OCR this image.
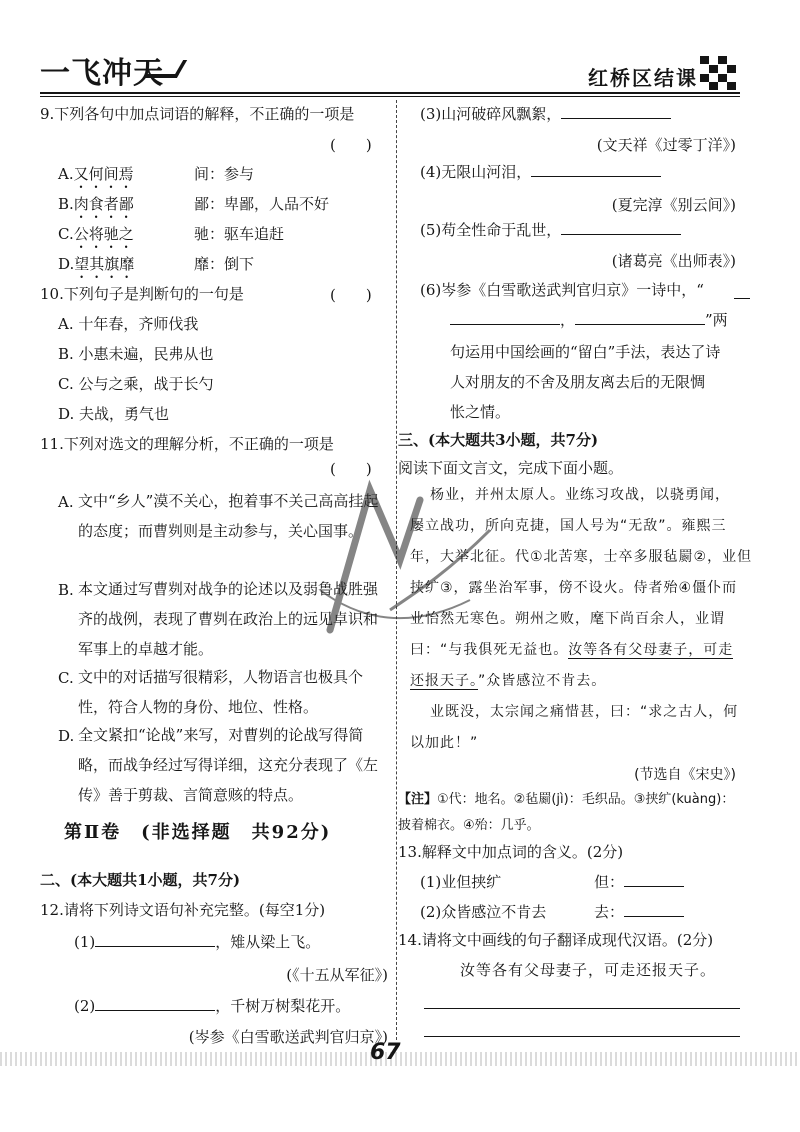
一飞冲天	红桥区结课
9.下列各句中加点词语的解释，不正确的一项是
(　　)
A.又何间焉	间：参与
B.肉食者鄙	鄙：卑鄙，人品不好
C.公将驰之	驰：驱车追赶
D.望其旗靡	靡：倒下
10.下列句子是判断句的一句是	(　　)
A. 十年春，齐师伐我
B. 小惠未遍，民弗从也
C. 公与之乘，战于长勺
D. 夫战，勇气也
11.下列对选文的理解分析，不正确的一项是
(　　)
A. 文中“乡人”漠不关心，抱着事不关己高高挂起的态度；而曹刿则是主动参与，关心国事。
B. 本文通过写曹刿对战争的论述以及弱鲁战胜强齐的战例，表现了曹刿在政治上的远见卓识和军事上的卓越才能。
C. 文中的对话描写很精彩，人物语言也极具个性，符合人物的身份、地位、性格。
D. 全文紧扣“论战”来写，对曹刿的论战写得简略，而战争经过写得详细，这充分表现了《左传》善于剪裁、言简意赅的特点。
第Ⅱ卷　(非选择题　共92分)
二、(本大题共1小题，共7分)
12.请将下列诗文语句补充完整。(每空1分)
(1)	，雉从梁上飞。
(《十五从军征》)
(2)	，千树万树梨花开。
(岑参《白雪歌送武判官归京》)
(3)山河破碎风飘絮，
(文天祥《过零丁洋》)
(4)无限山河泪，
(夏完淳《别云间》)
(5)苟全性命于乱世，
(诸葛亮《出师表》)
(6)岑参《白雪歌送武判官归京》一诗中，“
，	”两
句运用中国绘画的“留白”手法，表达了诗
人对朋友的不舍及朋友离去后的无限惆
怅之情。
三、(本大题共3小题，共7分)
阅读下面文言文，完成下面小题。
杨业，并州太原人。业练习攻战，以骁勇闻，
屡立战功，所向克捷，国人号为“无敌”。雍熙三
年，大举北征。代①北苦寒，士卒多服毡罽②，业但
挟纩③，露坐治军事，傍不设火。侍者殆④僵仆而
业怡然无寒色。朔州之败，麾下尚百余人，业谓
曰：“与我俱死无益也。汝等各有父母妻子，可走
还报天子。”众皆感泣不肯去。
业既没，太宗闻之痛惜甚，曰：“求之古人，何
以加此！”
(节选自《宋史》)
【注】①代：地名。②毡罽(jì)：毛织品。③挟纩(kuàng)：
披着棉衣。④殆：几乎。
13.解释文中加点词的含义。(2分)
(1)业但挟纩	但：
(2)众皆感泣不肯去	去：
14.请将文中画线的句子翻译成现代汉语。(2分)
汝等各有父母妻子，可走还报天子。
67
